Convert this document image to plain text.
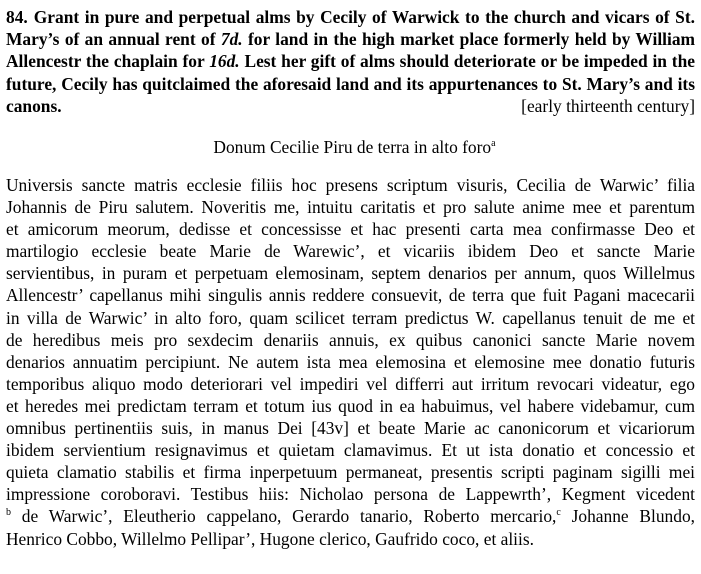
84. Grant in pure and perpetual alms by Cecily of Warwick to the church and vicars of St. Mary’s of an annual rent of 7d. for land in the high market place formerly held by William Allencestr the chaplain for 16d. Lest her gift of alms should deteriorate or be impeded in the future, Cecily has quitclaimed the aforesaid land and its appurtenances to St. Mary’s and its canons.	[early thirteenth century]

Donum Cecilie Piru de terra in alto foro$^a$
Universis sancte matris ecclesie filiis hoc presens scriptum visuris, Cecilia de Warwic’ filia
Johannis de Piru salutem. Noveritis me, intuitu caritatis et pro salute anime mee et parentum
et amicorum meorum, dedisse et concessisse et hac presenti carta mea confirmasse Deo et
martilogio ecclesie beate Marie de Warewic’, et vicariis ibidem Deo et sancte Marie
servientibus, in puram et perpetuam elemosinam, septem denarios per annum, quos Willelmus
Allencestr’ capellanus mihi singulis annis reddere consuevit, de terra que fuit Pagani macecarii
in villa de Warwic’ in alto foro, quam scilicet terram predictus W. capellanus tenuit de me et
de heredibus meis pro sexdecim denariis annuis, ex quibus canonici sancte Marie novem
denarios annuatim percipiunt. Ne autem ista mea elemosina et elemosine mee donatio futuris
temporibus aliquo modo deteriorari vel impediri vel differri aut irritum revocari videatur, ego
et heredes mei predictam terram et totum ius quod in ea habuimus, vel habere videbamur, cum
omnibus pertinentiis suis, in manus Dei [43v] et beate Marie ac canonicorum et vicariorum
ibidem servientium resignavimus et quietam clamavimus. Et ut ista donatio et concessio et
quieta clamatio stabilis et firma inperpetuum permaneat, presentis scripti paginam sigilli mei
impressione coroboravi. Testibus hiis: Nicholao persona de Lappewrth’, Kegment vicedent
$^b$ de Warwic’, Eleutherio cappelano, Gerardo tanario, Roberto mercario,$^c$ Johanne Blundo,
Henrico Cobbo, Willelmo Pellipar’, Hugone clerico, Gaufrido coco, et aliis.
